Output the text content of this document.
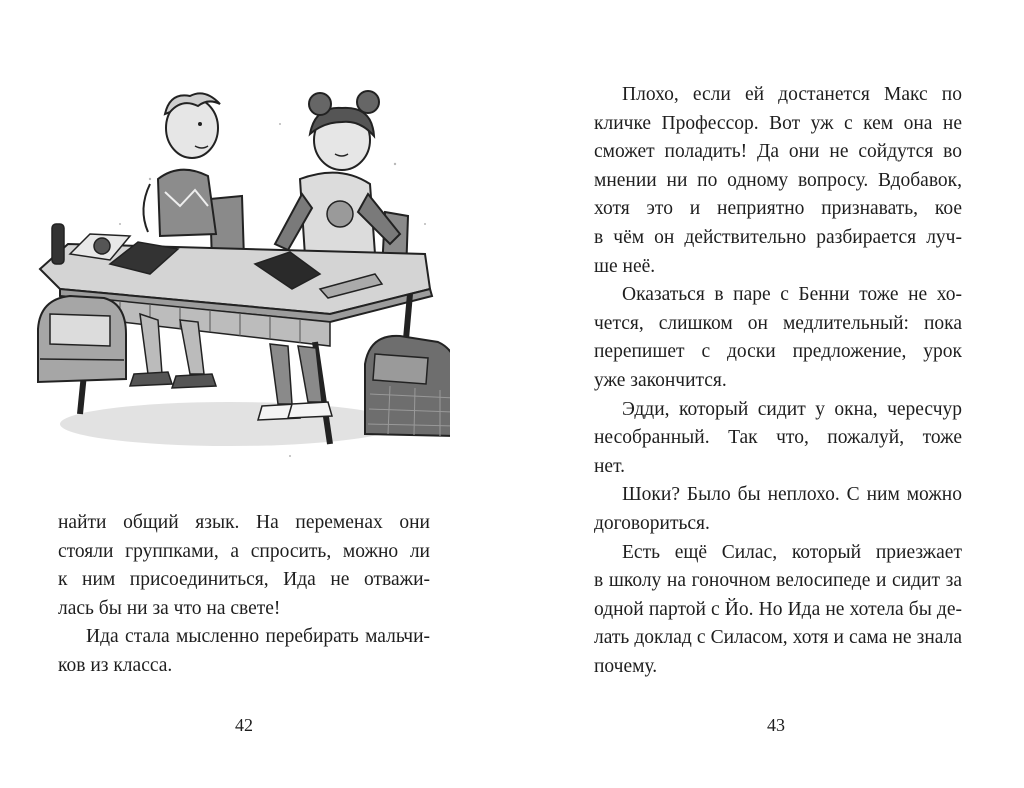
найти общий язык. На переменах они
стояли группками, а спросить, можно ли
к ним присоединиться, Ида не отважи-
лась бы ни за что на свете!

Ида стала мысленно перебирать мальчи-
ков из класса.

42

Плохо, если ей достанется Макс по
кличке Профессор. Вот уж с кем она не
сможет поладить! Да они не сойдутся во
мнении ни по одному вопросу. Вдобавок,
хотя это и неприятно признавать, кое
в чём он действительно разбирается луч-
ше неё.

Оказаться в паре с Бенни тоже не хо-
чется, слишком он медлительный: пока
перепишет с доски предложение, урок
уже закончится.

Эдди, который сидит у окна, чересчур
несобранный. Так что, пожалуй, тоже
нет.

Шоки? Было бы неплохо. С ним можно
договориться.

Есть ещё Силас, который приезжает
в школу на гоночном велосипеде и сидит за
одной партой с Йо. Но Ида не хотела бы де-
лать доклад с Силасом, хотя и сама не знала
почему.

43
